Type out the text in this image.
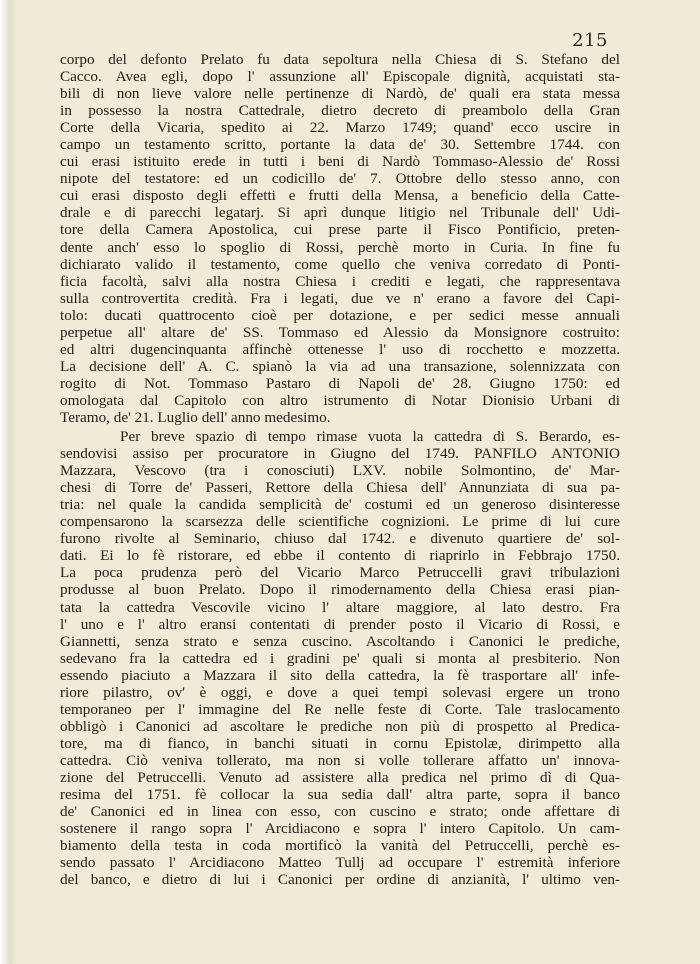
215
corpo del defonto Prelato fu data sepoltura nella Chiesa di S. Stefano del
Cacco. Avea egli, dopo l' assunzione all' Episcopale dignità, acquistati sta-
bili di non lieve valore nelle pertinenze di Nardò, de' quali era stata messa
in possesso la nostra Cattedrale, dietro decreto di preambolo della Gran
Corte della Vicaria, spedito ai 22. Marzo 1749; quand' ecco uscire in
campo un testamento scritto, portante la data de' 30. Settembre 1744. con
cui erasi istituito erede in tutti i beni di Nardò Tommaso-Alessio de' Rossi
nipote del testatore: ed un codicillo de' 7. Ottobre dello stesso anno, con
cui erasi disposto degli effetti e frutti della Mensa, a beneficio della Catte-
drale e di parecchi legatarj. Si aprì dunque litigio nel Tribunale dell' Udi-
tore della Camera Apostolica, cui prese parte il Fisco Pontificio, preten-
dente anch' esso lo spoglio di Rossi, perchè morto in Curia. In fine fu
dichiarato valido il testamento, come quello che veniva corredato di Ponti-
ficia facoltà, salvi alla nostra Chiesa i crediti e legati, che rappresentava
sulla controvertita credità. Fra i legati, due ve n' erano a favore del Capi-
tolo: ducati quattrocento cioè per dotazione, e per sedici messe annuali
perpetue all' altare de' SS. Tommaso ed Alessio da Monsignore costruito:
ed altri dugencinquanta affinchè ottenesse l' uso di rocchetto e mozzetta.
La decisione dell' A. C. spianò la via ad una transazione, solennizzata con
rogito di Not. Tommaso Pastaro di Napoli de' 28. Giugno 1750: ed
omologata dal Capitolo con altro istrumento di Notar Dionisio Urbani di
Teramo, de' 21. Luglio dell' anno medesimo.
Per breve spazio di tempo rimase vuota la cattedra di S. Berardo, es-
sendovisi assiso per procuratore in Giugno del 1749. PANFILO ANTONIO
Mazzara, Vescovo (tra i conosciuti) LXV. nobile Solmontino, de' Mar-
chesi di Torre de' Passeri, Rettore della Chiesa dell' Annunziata di sua pa-
tria: nel quale la candida semplicità de' costumi ed un generoso disinteresse
compensarono la scarsezza delle scientifiche cognizioni. Le prime di lui cure
furono rivolte al Seminario, chiuso dal 1742. e divenuto quartiere de' sol-
dati. Ei lo fè ristorare, ed ebbe il contento di riaprirlo in Febbrajo 1750.
La poca prudenza però del Vicario Marco Petruccelli gravi tribulazioni
produsse al buon Prelato. Dopo il rimodernamento della Chiesa erasi pian-
tata la cattedra Vescovile vicino l' altare maggiore, al lato destro. Fra
l' uno e l' altro eransi contentati di prender posto il Vicario di Rossi, e
Giannetti, senza strato e senza cuscino. Ascoltando i Canonici le prediche,
sedevano fra la cattedra ed i gradini pe' quali si monta al presbiterio. Non
essendo piaciuto a Mazzara il sito della cattedra, la fè trasportare all' infe-
riore pilastro, ov' è oggi, e dove a quei tempi solevasi ergere un trono
temporaneo per l' immagine del Re nelle feste di Corte. Tale traslocamento
obbligò i Canonici ad ascoltare le prediche non più di prospetto al Predica-
tore, ma di fianco, in banchi situati in cornu Epistolæ, dirimpetto alla
cattedra. Ciò veniva tollerato, ma non si volle tollerare affatto un' innova-
zione del Petruccelli. Venuto ad assistere alla predica nel primo dì di Qua-
resima del 1751. fè collocar la sua sedia dall' altra parte, sopra il banco
de' Canonici ed in linea con esso, con cuscino e strato; onde affettare di
sostenere il rango sopra l' Arcidiacono e sopra l' intero Capitolo. Un cam-
biamento della testa in coda mortificò la vanità del Petruccelli, perchè es-
sendo passato l' Arcidiacono Matteo Tullj ad occupare l' estremità inferiore
del banco, e dietro di lui i Canonici per ordine di anzianità, l' ultimo ven-
